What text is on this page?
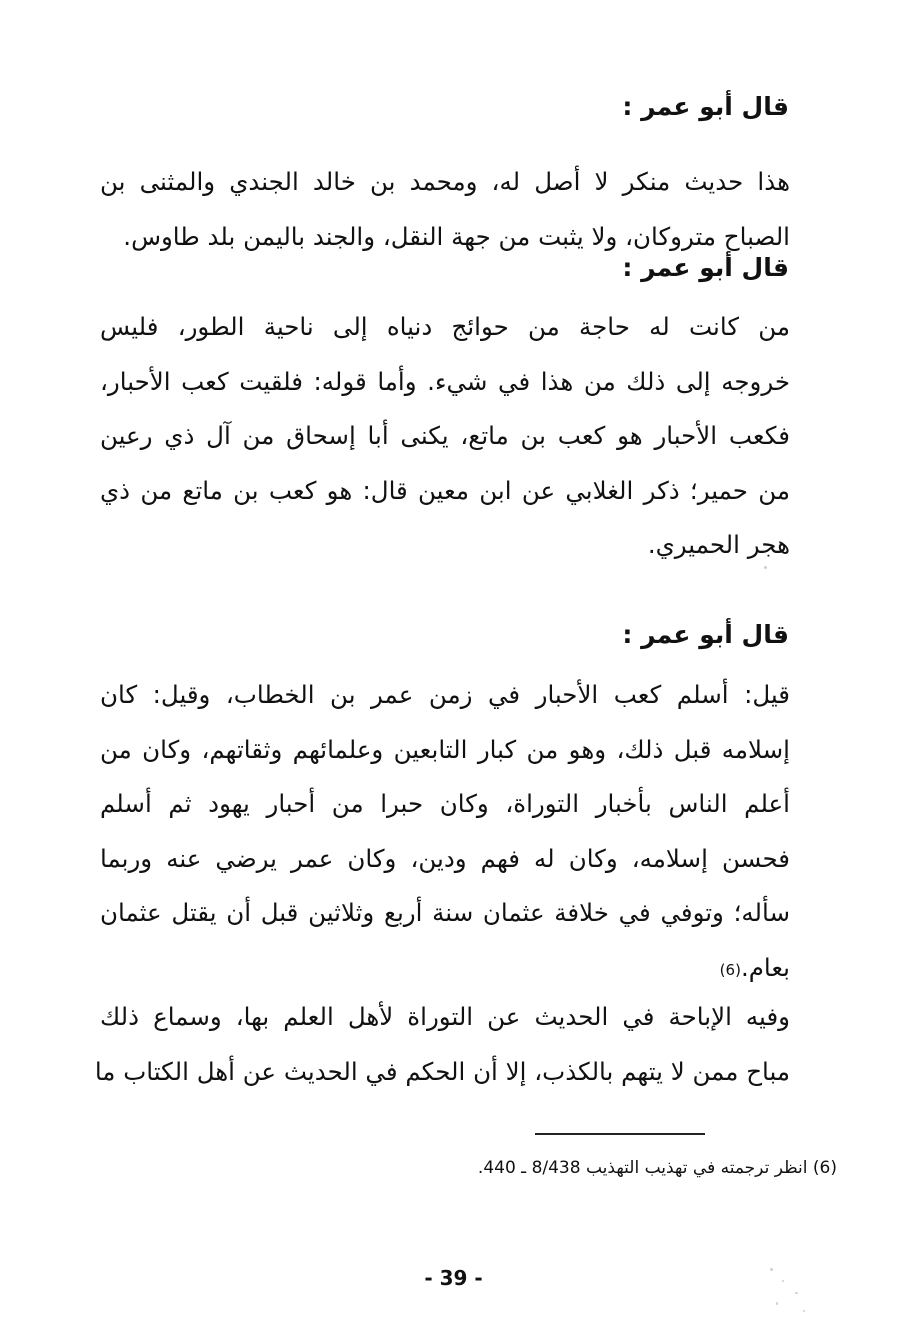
قال أبو عمر :

هذا حديث منكر لا أصل له، ومحمد بن خالد الجندي والمثنى بن
الصباح متروكان، ولا يثبت من جهة النقل، والجند باليمن بلد طاوس.

قال أبو عمر :

من كانت له حاجة من حوائج دنياه إلى ناحية الطور، فليس
خروجه إلى ذلك من هذا في شيء. وأما قوله: فلقيت كعب الأحبار،
فكعب الأحبار هو كعب بن ماتع، يكنى أبا إسحاق من آل ذي رعين
من حمير؛ ذكر الغلابي عن ابن معين قال: هو كعب بن ماتع من ذي
هجر الحميري.

قال أبو عمر :

قيل: أسلم كعب الأحبار في زمن عمر بن الخطاب، وقيل: كان
إسلامه قبل ذلك، وهو من كبار التابعين وعلمائهم وثقاتهم، وكان من
أعلم الناس بأخبار التوراة، وكان حبرا من أحبار يهود ثم أسلم
فحسن إسلامه، وكان له فهم ودين، وكان عمر يرضي عنه وربما
سأله؛ وتوفي في خلافة عثمان سنة أربع وثلاثين قبل أن يقتل عثمان
بعام.(6)

وفيه الإباحة في الحديث عن التوراة لأهل العلم بها، وسماع ذلك
مباح ممن لا يتهم بالكذب، إلا أن الحكم في الحديث عن أهل الكتاب ما

(6) انظر ترجمته في تهذيب التهذيب 8/438 ـ 440.
- 39 -
